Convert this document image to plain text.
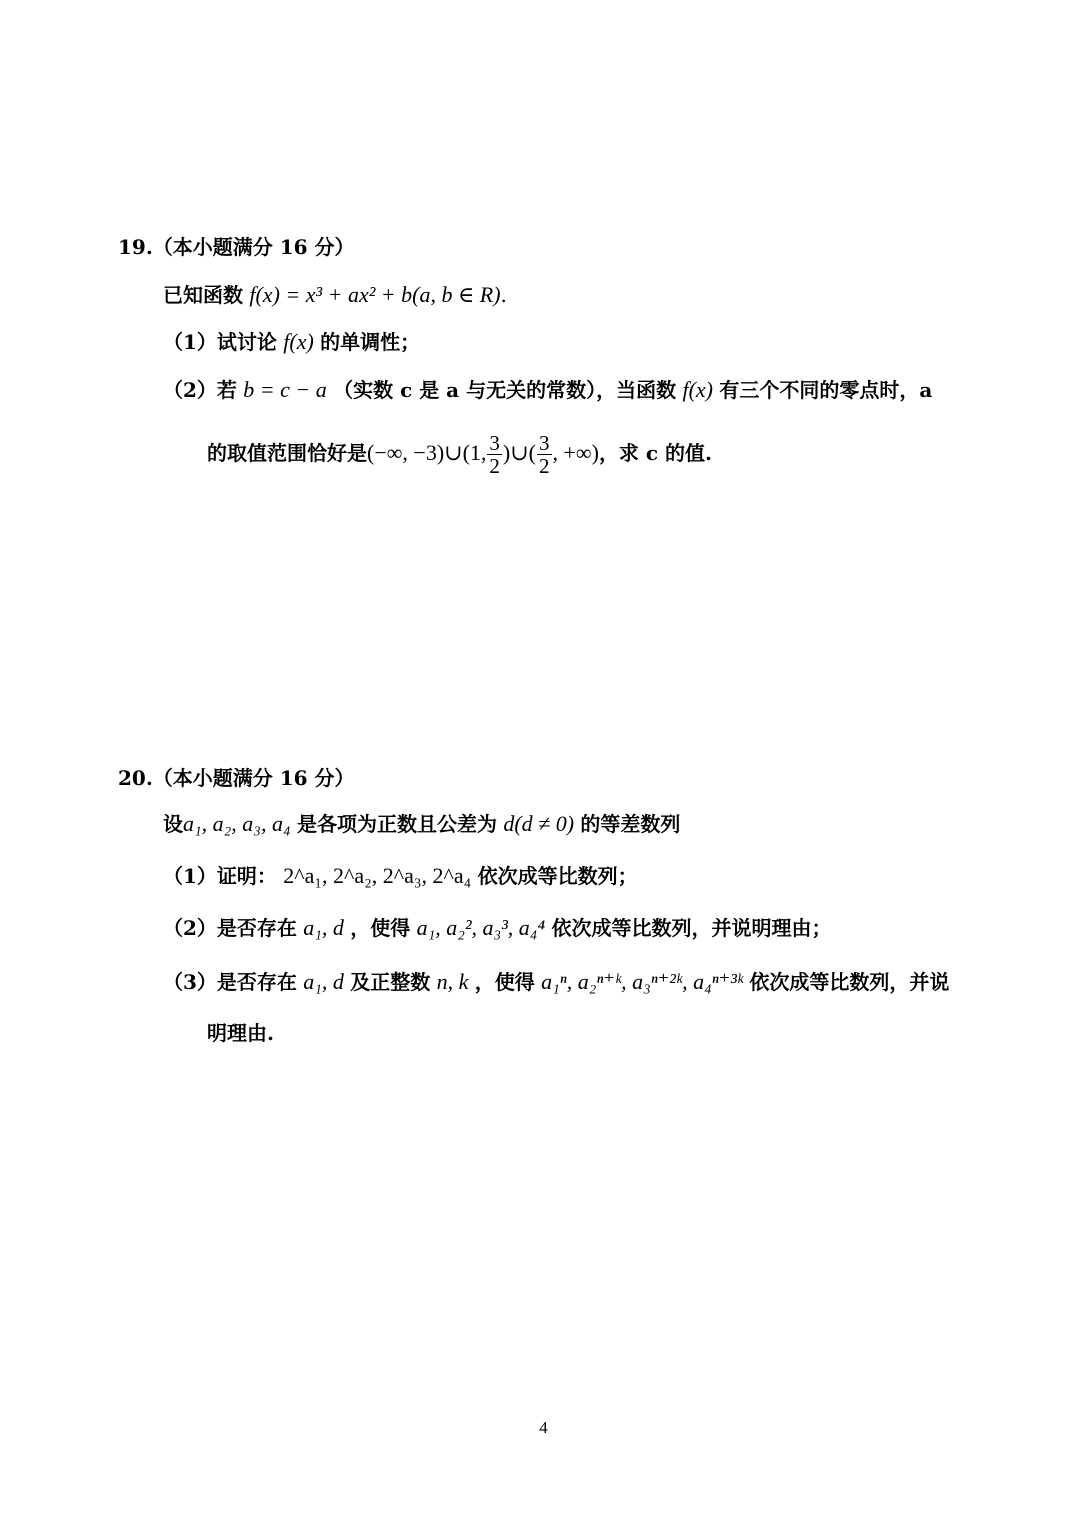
19.（本小题满分 16 分）
已知函数 f(x) = x³ + ax² + b(a, b ∈ R).
（1）试讨论 f(x) 的单调性；
（2）若 b = c − a （实数 c 是 a 与无关的常数），当函数 f(x) 有三个不同的零点时，a
的取值范围恰好是(−∞, −3)∪(1, $\frac{3}{2}$ )∪( $\frac{3}{2}$ , +∞)，求 c 的值.
20.（本小题满分 16 分）
设a₁, a₂, a₃, a₄ 是各项为正数且公差为 d(d ≠ 0) 的等差数列
（1）证明： 2^a₁, 2^a₂, 2^a₃, 2^a₄ 依次成等比数列；
（2）是否存在 a₁, d ，使得 a₁, a₂², a₃³, a₄⁴ 依次成等比数列，并说明理由；
（3）是否存在 a₁, d 及正整数 n, k ，使得 a₁ⁿ, a₂ⁿ⁺ᵏ, a₃ⁿ⁺²ᵏ, a₄ⁿ⁺³ᵏ 依次成等比数列，并说
明理由.
4
